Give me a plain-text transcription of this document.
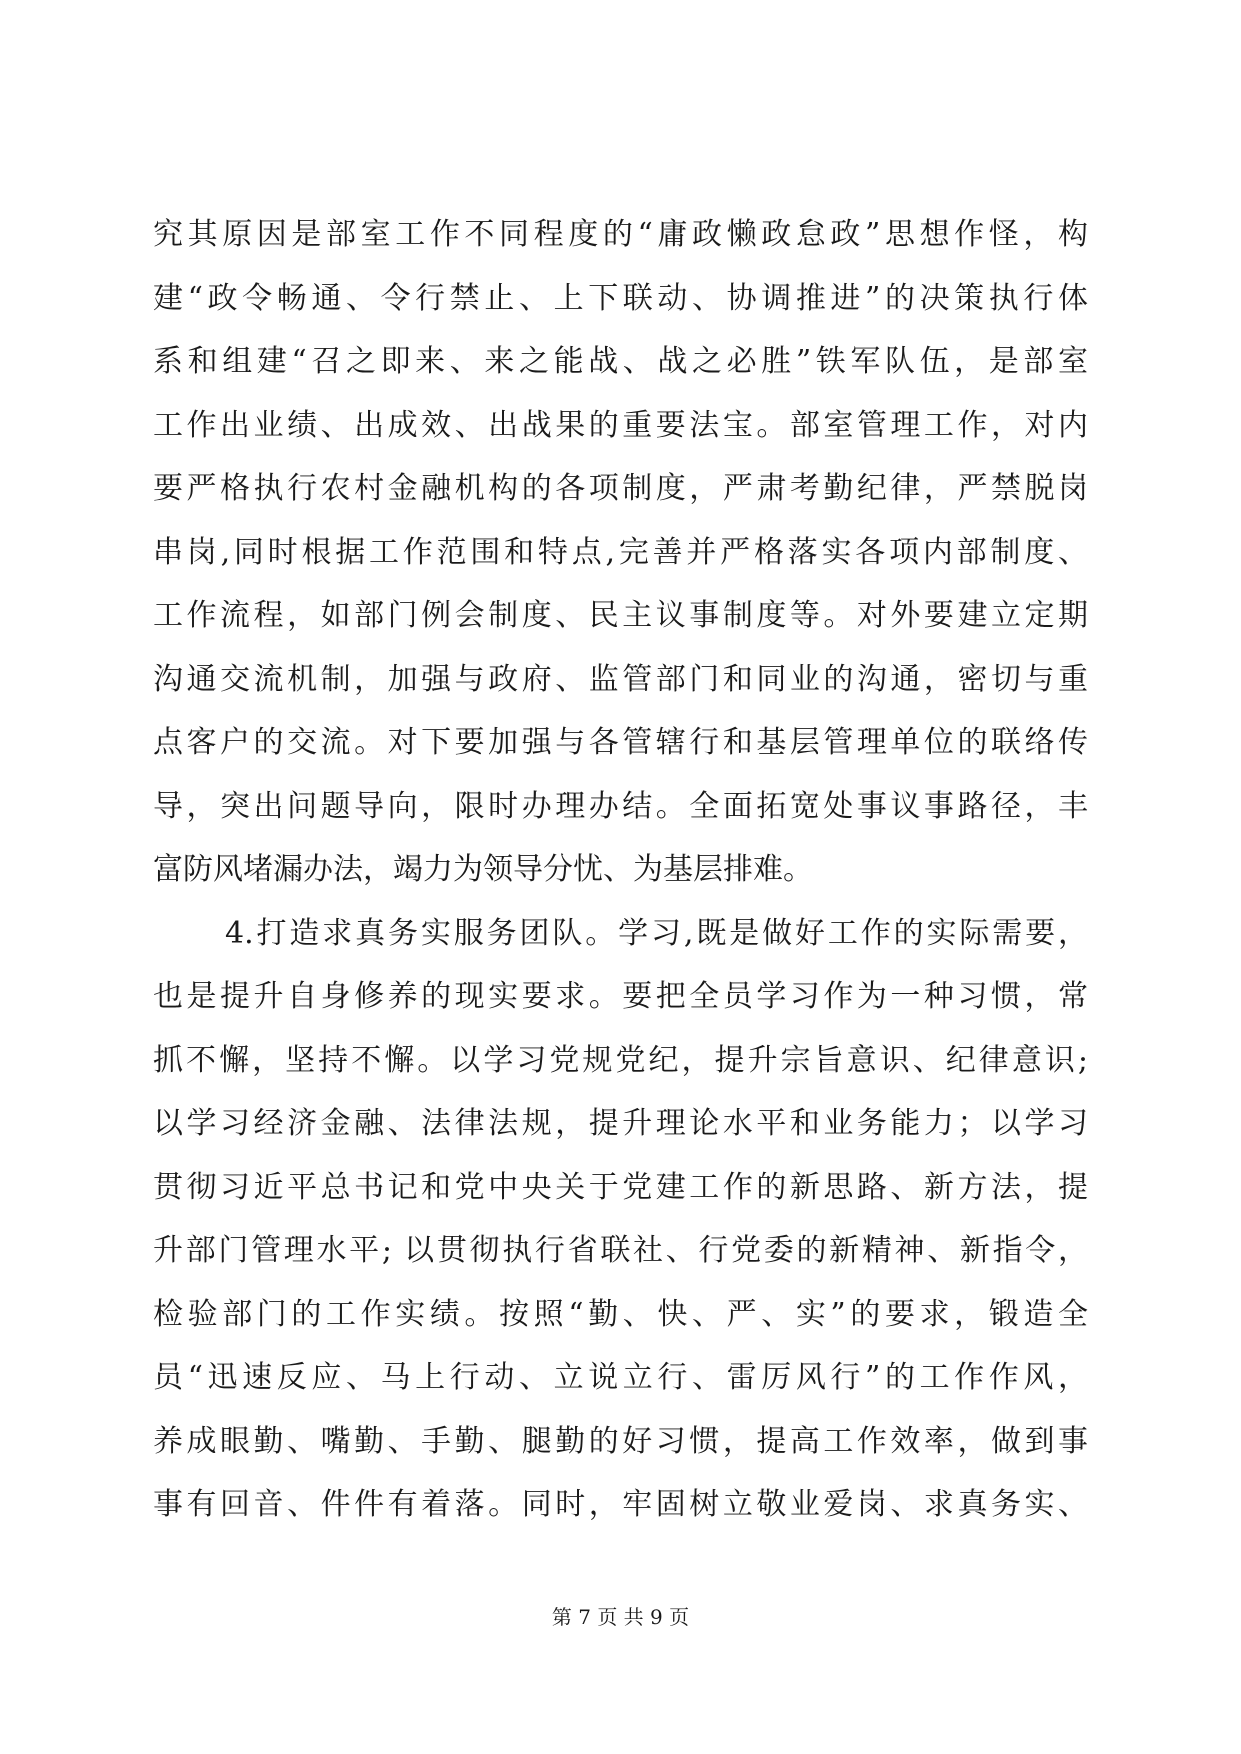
究其原因是部室工作不同程度的“庸政懒政怠政”思想作怪，构
建“政令畅通、令行禁止、上下联动、协调推进”的决策执行体
系和组建“召之即来、来之能战、战之必胜”铁军队伍，是部室
工作出业绩、出成效、出战果的重要法宝。部室管理工作，对内
要严格执行农村金融机构的各项制度，严肃考勤纪律，严禁脱岗
串岗,同时根据工作范围和特点,完善并严格落实各项内部制度、
工作流程，如部门例会制度、民主议事制度等。对外要建立定期
沟通交流机制，加强与政府、监管部门和同业的沟通，密切与重
点客户的交流。对下要加强与各管辖行和基层管理单位的联络传
导，突出问题导向，限时办理办结。全面拓宽处事议事路径，丰
富防风堵漏办法，竭力为领导分忧、为基层排难。
4.打造求真务实服务团队。学习,既是做好工作的实际需要，
也是提升自身修养的现实要求。要把全员学习作为一种习惯，常
抓不懈，坚持不懈。以学习党规党纪，提升宗旨意识、纪律意识;
以学习经济金融、法律法规，提升理论水平和业务能力；以学习
贯彻习近平总书记和党中央关于党建工作的新思路、新方法，提
升部门管理水平; 以贯彻执行省联社、行党委的新精神、新指令，
检验部门的工作实绩。按照“勤、快、严、实”的要求，锻造全
员“迅速反应、马上行动、立说立行、雷厉风行”的工作作风，
养成眼勤、嘴勤、手勤、腿勤的好习惯，提高工作效率，做到事
事有回音、件件有着落。同时，牢固树立敬业爱岗、求真务实、
第 7 页 共 9 页
